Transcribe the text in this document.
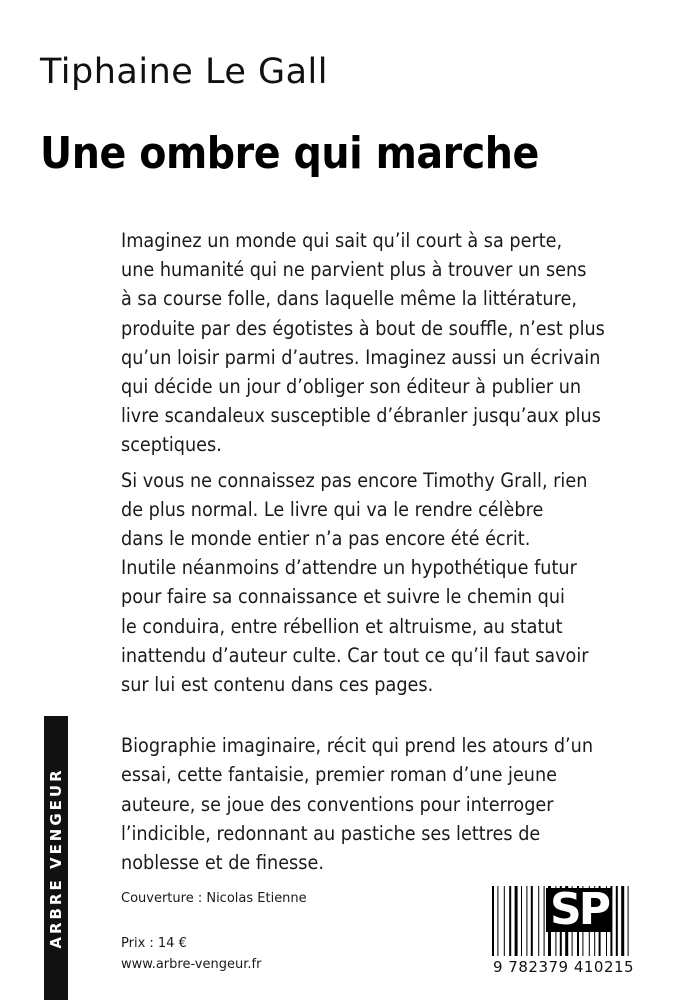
Tiphaine Le Gall
Une ombre qui marche
Imaginez un monde qui sait qu’il court à sa perte,
une humanité qui ne parvient plus à trouver un sens
à sa course folle, dans laquelle même la littérature,
produite par des égotistes à bout de souffle, n’est plus
qu’un loisir parmi d’autres. Imaginez aussi un écrivain
qui décide un jour d’obliger son éditeur à publier un
livre scandaleux susceptible d’ébranler jusqu’aux plus
sceptiques.
Si vous ne connaissez pas encore Timothy Grall, rien
de plus normal. Le livre qui va le rendre célèbre
dans le monde entier n’a pas encore été écrit.
Inutile néanmoins d’attendre un hypothétique futur
pour faire sa connaissance et suivre le chemin qui
le conduira, entre rébellion et altruisme, au statut
inattendu d’auteur culte. Car tout ce qu’il faut savoir
sur lui est contenu dans ces pages.
Biographie imaginaire, récit qui prend les atours d’un
essai, cette fantaisie, premier roman d’une jeune
auteure, se joue des conventions pour interroger
l’indicible, redonnant au pastiche ses lettres de
noblesse et de finesse.
ARBRE VENGEUR	Couverture : Nicolas Etienne
Prix : 14 €
www.arbre-vengeur.fr
SP
9 782379 410215
